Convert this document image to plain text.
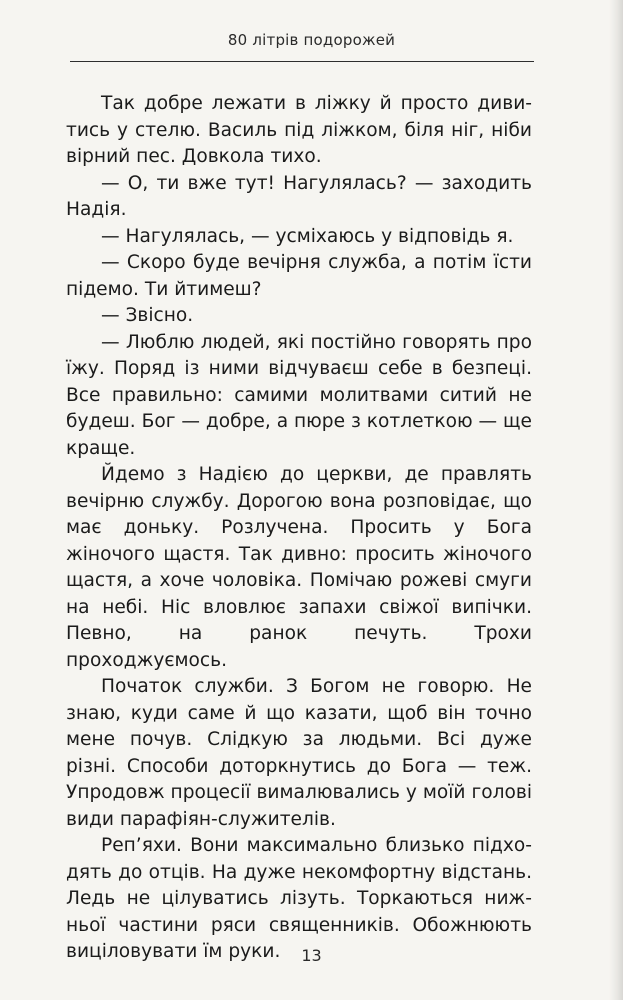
80 літрів подорожей

Так добре лежати в ліжку й просто дивитись у стелю. Василь під ліжком, біля ніг, ніби вірний пес. Довкола тихо.

— О, ти вже тут! Нагулялась? — заходить Надія.

— Нагулялась, — усміхаюсь у відповідь я.

— Скоро буде вечірня служба, а потім їсти підемо. Ти йтимеш?

— Звісно.

— Люблю людей, які постійно говорять про їжу. Поряд із ними відчуваєш себе в безпеці. Все правильно: самими молитвами ситий не будеш. Бог — добре, а пюре з котлеткою — ще краще.

Йдемо з Надією до церкви, де правлять вечірню службу. Дорогою вона розповідає, що має доньку. Розлучена. Просить у Бога жіночого щастя. Так дивно: просить жіночого щастя, а хоче чоловіка. Помічаю рожеві смуги на небі. Ніс вловлює запахи свіжої випічки. Певно, на ранок печуть. Трохи проходжуємось.

Початок служби. З Богом не говорю. Не знаю, куди саме й що казати, щоб він точно мене почув. Слідкую за людьми. Всі дуже різні. Способи доторкнутись до Бога — теж. Упродовж процесії вималювались у моїй голові види парафіян-служителів.

Реп’яхи. Вони максимально близько підходять до отців. На дуже некомфортну відстань. Ледь не цілуватись лізуть. Торкаються нижньої частини ряси священників. Обожнюють виціловувати їм руки.	13
